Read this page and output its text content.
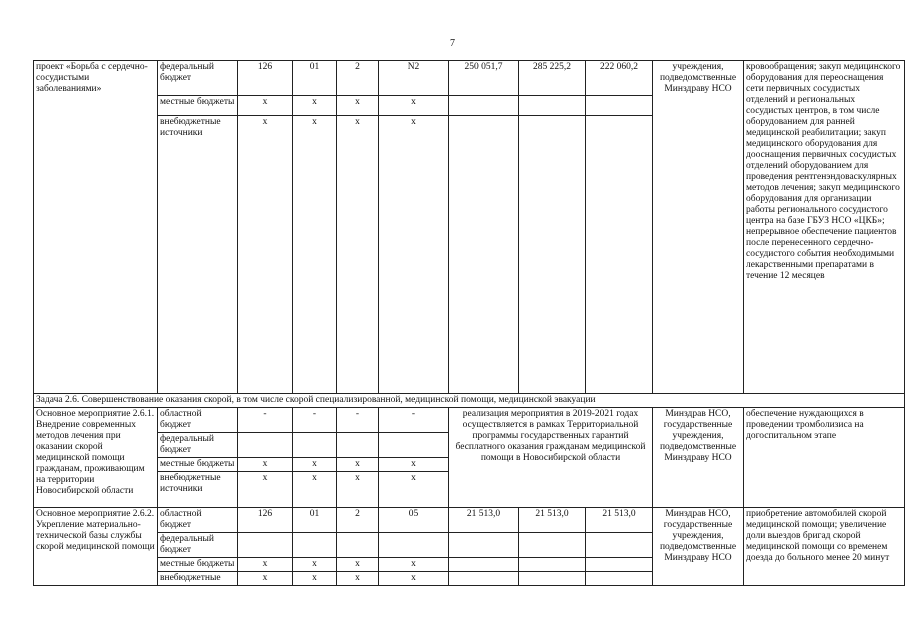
7
проект «Борьба с сердечно-сосудистыми заболеваниями»	федеральный бюджет	126	01	2	N2	250 051,7	285 225,2	222 060,2	учреждения, подведомственные Минздраву НСО	кровообращения; закуп медицинского оборудования для переоснащения сети первичных сосудистых отделений и региональных сосудистых центров, в том числе оборудованием для ранней медицинской реабилитации; закуп медицинского оборудования для дооснащения первичных сосудистых отделений оборудованием для проведения рентгенэндоваскулярных методов лечения; закуп медицинского оборудования для организации работы регионального сосудистого центра на базе ГБУЗ НСО «ЦКБ»; непрерывное обеспечение пациентов после перенесенного сердечно-сосудистого события необходимыми лекарственными препаратами в течение 12 месяцев
	местные бюджеты	x	x	x	x					
	внебюджетные источники	x	x	x	x					
Задача 2.6. Совершенствование оказания скорой, в том числе скорой специализированной, медицинской помощи, медицинской эвакуации										
Основное мероприятие 2.6.1. Внедрение современных методов лечения при оказании скорой медицинской помощи гражданам, проживающим на территории Новосибирской области	областной бюджет	-	-	-	-	реализация мероприятия в 2019-2021 годах осуществляется в рамках Территориальной программы государственных гарантий бесплатного оказания гражданам медицинской помощи в Новосибирской области			Минздрав НСО, государственные учреждения, подведомственные Минздраву НСО	обеспечение нуждающихся в проведении тромболизиса на догоспитальном этапе
	федеральный бюджет									
	местные бюджеты	x	x	x	x					
	внебюджетные источники	x	x	x	x					
Основное мероприятие 2.6.2. Укрепление материально-технической базы службы скорой медицинской помощи	областной бюджет	126	01	2	05	21 513,0	21 513,0	21 513,0	Минздрав НСО, государственные учреждения, подведомственные Минздраву НСО	приобретение автомобилей скорой медицинской помощи; увеличение доли выездов бригад скорой медицинской помощи со временем доезда до больного менее 20 минут
	федеральный бюджет									
	местные бюджеты	x	x	x	x					
	внебюджетные	x	x	x	x					
